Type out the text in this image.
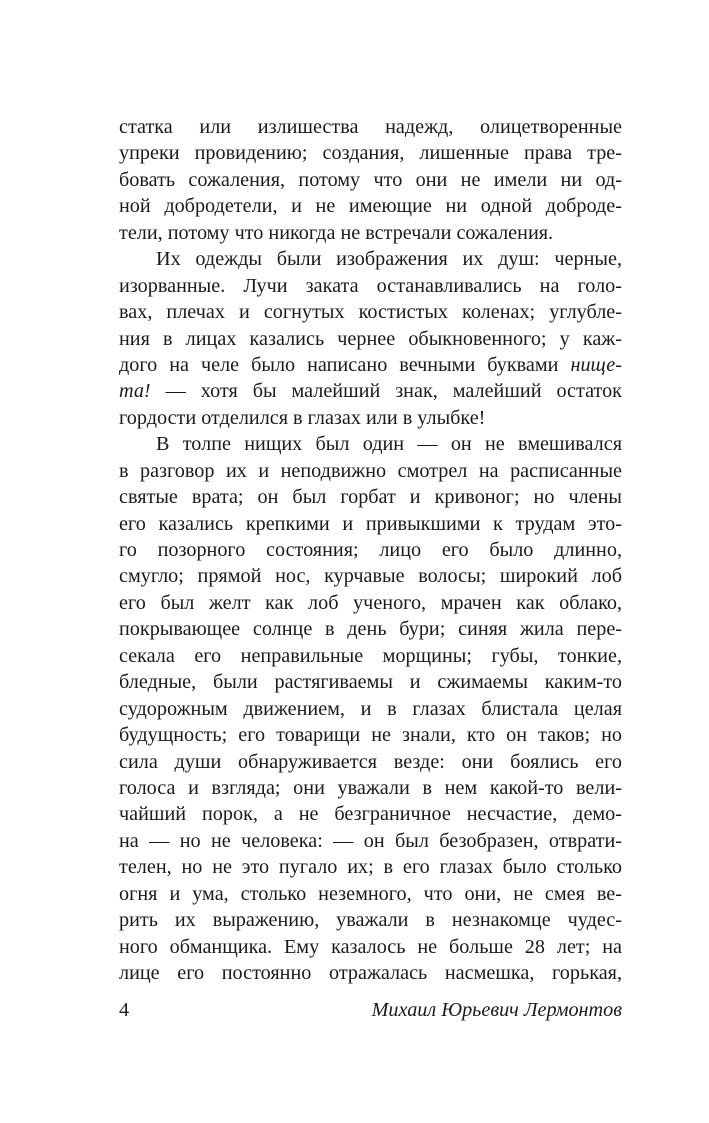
статка или излишества надежд, олицетворенные
упреки провидению; создания, лишенные права тре-
бовать сожаления, потому что они не имели ни од-
ной добродетели, и не имеющие ни одной доброде-
тели, потому что никогда не встречали сожаления.
Их одежды были изображения их душ: черные,
изорванные. Лучи заката останавливались на голо-
вах, плечах и согнутых костистых коленах; углубле-
ния в лицах казались чернее обыкновенного; у каж-
дого на челе было написано вечными буквами нище-
та! — хотя бы малейший знак, малейший остаток
гордости отделился в глазах или в улыбке!
В толпе нищих был один — он не вмешивался
в разговор их и неподвижно смотрел на расписанные
святые врата; он был горбат и кривоног; но члены
его казались крепкими и привыкшими к трудам это-
го позорного состояния; лицо его было длинно,
смугло; прямой нос, курчавые волосы; широкий лоб
его был желт как лоб ученого, мрачен как облако,
покрывающее солнце в день бури; синяя жила пере-
секала его неправильные морщины; губы, тонкие,
бледные, были растягиваемы и сжимаемы каким-то
судорожным движением, и в глазах блистала целая
будущность; его товарищи не знали, кто он таков; но
сила души обнаруживается везде: они боялись его
голоса и взгляда; они уважали в нем какой-то вели-
чайший порок, а не безграничное несчастие, демо-
на — но не человека: — он был безобразен, отврати-
телен, но не это пугало их; в его глазах было столько
огня и ума, столько неземного, что они, не смея ве-
рить их выражению, уважали в незнакомце чудес-
ного обманщика. Ему казалось не больше 28 лет; на
лице его постоянно отражалась насмешка, горькая,
4	Михаил Юрьевич Лермонтов
